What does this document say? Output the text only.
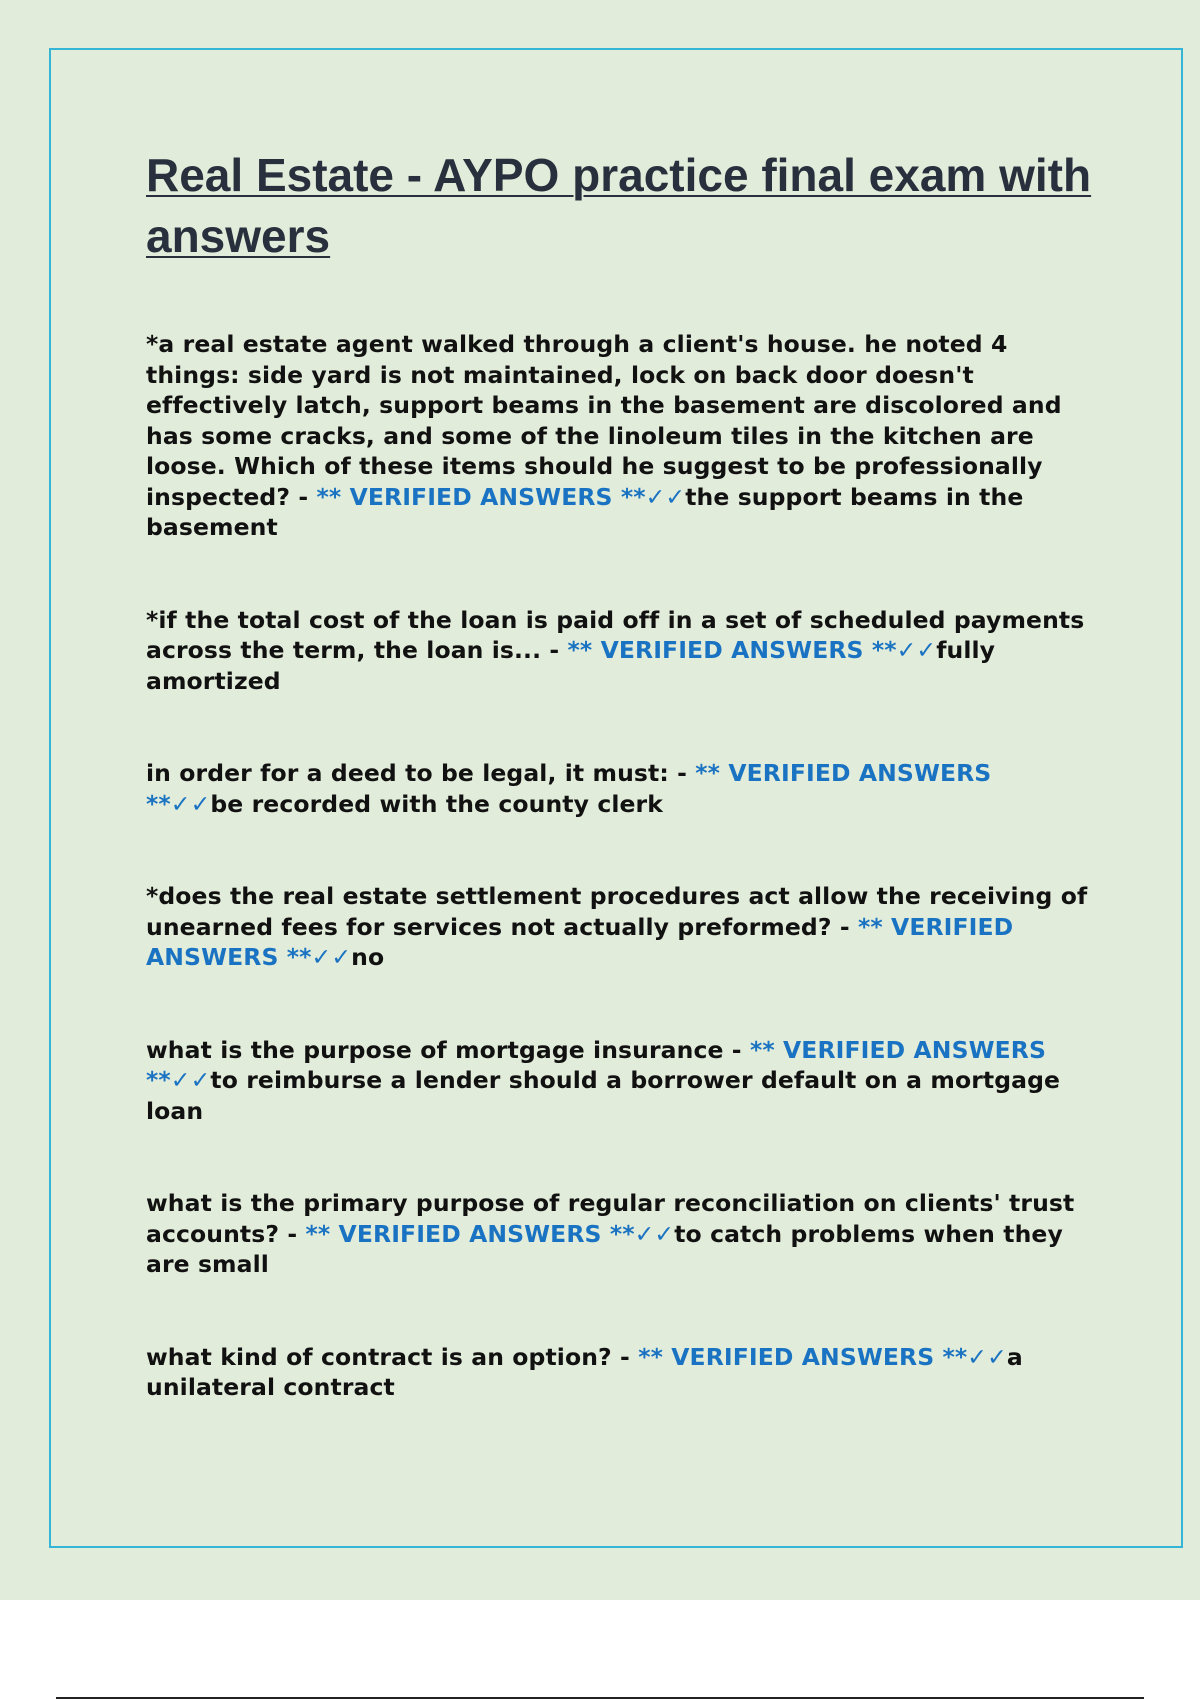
Real Estate - AYPO practice final exam with answers

*a real estate agent walked through a client's house. he noted 4 things: side yard is not maintained, lock on back door doesn't effectively latch, support beams in the basement are discolored and has some cracks, and some of the linoleum tiles in the kitchen are loose. Which of these items should he suggest to be professionally inspected? - ** VERIFIED ANSWERS **✓✓the support beams in the basement

*if the total cost of the loan is paid off in a set of scheduled payments across the term, the loan is... - ** VERIFIED ANSWERS **✓✓fully amortized

in order for a deed to be legal, it must: - ** VERIFIED ANSWERS **✓✓be recorded with the county clerk

*does the real estate settlement procedures act allow the receiving of unearned fees for services not actually preformed? - ** VERIFIED ANSWERS **✓✓no

what is the purpose of mortgage insurance - ** VERIFIED ANSWERS **✓✓to reimburse a lender should a borrower default on a mortgage loan

what is the primary purpose of regular reconciliation on clients' trust accounts? - ** VERIFIED ANSWERS **✓✓to catch problems when they are small

what kind of contract is an option? - ** VERIFIED ANSWERS **✓✓a unilateral contract
